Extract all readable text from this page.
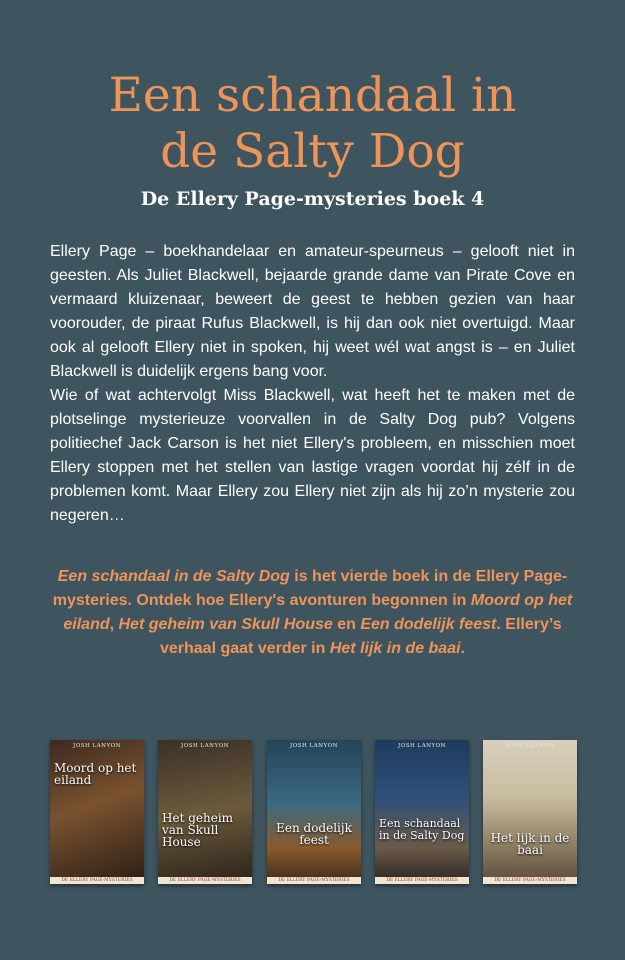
Een schandaal in
de Salty Dog
De Ellery Page-mysteries boek 4

Ellery Page – boekhandelaar en amateur-speurneus – gelooft niet in geesten. Als Juliet Blackwell, bejaarde grande dame van Pirate Cove en vermaard kluizenaar, beweert de geest te hebben gezien van haar voorouder, de piraat Rufus Blackwell, is hij dan ook niet overtuigd. Maar ook al gelooft Ellery niet in spoken, hij weet wél wat angst is – en Juliet Blackwell is duidelijk ergens bang voor.

Wie of wat achtervolgt Miss Blackwell, wat heeft het te maken met de plotselinge mysterieuze voorvallen in de Salty Dog pub? Volgens politiechef Jack Carson is het niet Ellery's probleem, en misschien moet Ellery stoppen met het stellen van lastige vragen voordat hij zélf in de problemen komt. Maar Ellery zou Ellery niet zijn als hij zo’n mysterie zou negeren…

Een schandaal in de Salty Dog is het vierde boek in de Ellery Page-mysteries. Ontdek hoe Ellery's avonturen begonnen in Moord op het eiland, Het geheim van Skull House en Een dodelijk feest. Ellery’s verhaal gaat verder in Het lijk in de baai.
JOSH LANYON
Moord op het eiland
DE ELLERY PAGE-MYSTERIES
JOSH LANYON
Het geheim van Skull House
DE ELLERY PAGE-MYSTERIES
JOSH LANYON
Een dodelijk feest
DE ELLERY PAGE-MYSTERIES
JOSH LANYON
Een schandaal in de Salty Dog
DE ELLERY PAGE-MYSTERIES
JOSH LANYON
Het lijk in de baai
DE ELLERY PAGE-MYSTERIES
